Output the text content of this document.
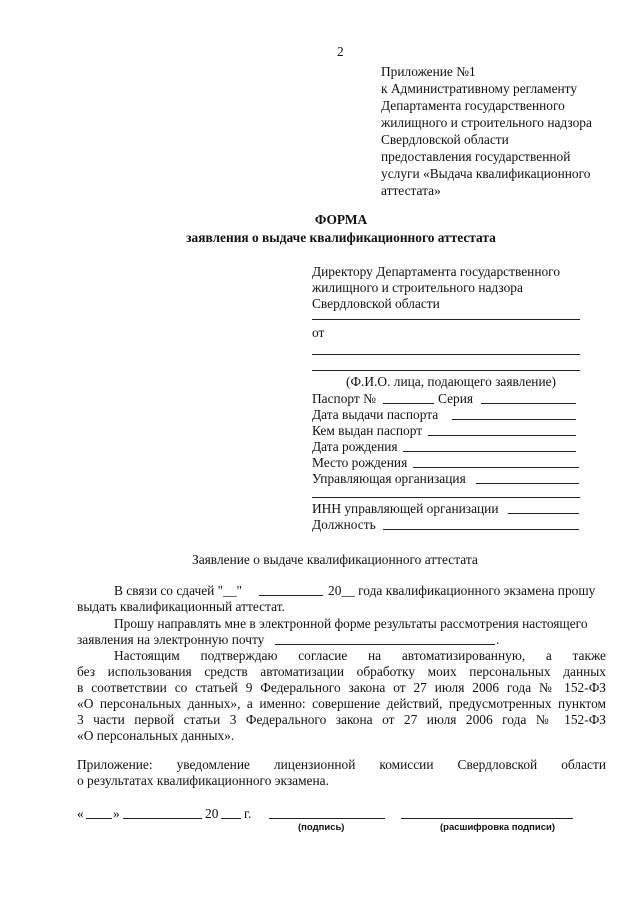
2
Приложение №1
к Административному регламенту
Департамента государственного
жилищного и строительного надзора
Свердловской области
предоставления государственной
услуги «Выдача квалификационного
аттестата»
ФОРМА
заявления о выдаче квалификационного аттестата
Директору Департамента государственного
жилищного и строительного надзора
Свердловской области
от
(Ф.И.О. лица, подающего заявление)
Паспорт №	Серия
Дата выдачи паспорта
Кем выдан паспорт
Дата рождения
Место рождения
Управляющая организация
ИНН управляющей организации
Должность
Заявление о выдаче квалификационного аттестата
В связи со сдачей "__"	20__ года квалификационного экзамена прошу
выдать квалификационный аттестат.
Прошу направлять мне в электронной форме результаты рассмотрения настоящего
заявления на электронную почту	.
Настоящим подтверждаю согласие на автоматизированную, а также
без использования средств автоматизации обработку моих персональных данных
в соответствии со статьей 9 Федерального закона от 27 июля 2006 года № 152-ФЗ
«О персональных данных», а именно: совершение действий, предусмотренных пунктом
3 части первой статьи 3 Федерального закона от 27 июля 2006 года № 152-ФЗ
«О персональных данных».
Приложение: уведомление лицензионной комиссии Свердловской области
о результатах квалификационного экзамена.
« »	20 г.
(подпись)	(расшифровка подписи)
